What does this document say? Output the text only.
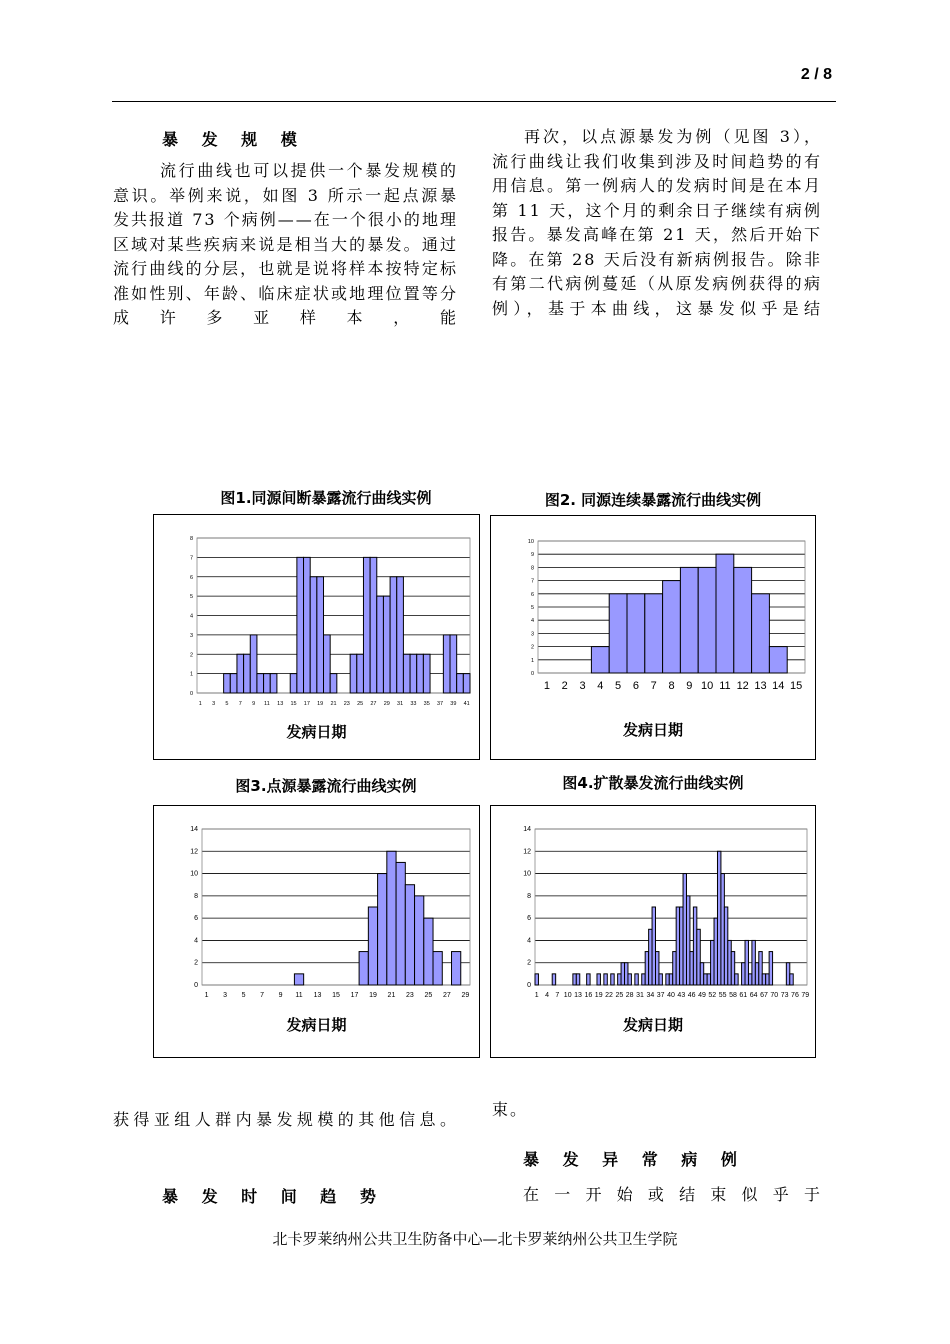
2 / 8
暴 发 规 模

流行曲线也可以提供一个暴发规模的意识。举例来说，如图 3 所示一起点源暴发共报道 73 个病例——在一个很小的地理区域对某些疾病来说是相当大的暴发。通过流行曲线的分层，也就是说将样本按特定标准如性别、年龄、临床症状或地理位置等分成许多亚样本，能

再次，以点源暴发为例（见图 3），流行曲线让我们收集到涉及时间趋势的有用信息。第一例病人的发病时间是在本月第 11 天，这个月的剩余日子继续有病例报告。暴发高峰在第 21 天，然后开始下降。在第 28 天后没有新病例报告。除非有第二代病例蔓延（从原发病例获得的病例），基于本曲线，这暴发似乎是结

图1.同源间断暴露流行曲线实例	图2. 同源连续暴露流行曲线实例
图3.点源暴露流行曲线实例	图4.扩散暴发流行曲线实例
0
1
2
3
4
5
6
7
8
1 3 5 7 9 11 13 15 17 19 21 23 25 27 29 31 33 35 37 39 41
发病日期
0
1
2
3
4
5
6
7
8
9
10
1 2 3 4 5 6 7 8 9 10 11 12 13 14 15
发病日期
0
2
4
6
8
10
12
14
1 3 5 7 9 11 13 15 17 19 21 23 25 27 29
发病日期
0
2
4
6
8
10
12
14
1 4 7 10 13 16 19 22 25 28 31 34 37 40 43 46 49 52 55 58 61 64 67 70 73 76 79
发病日期

获得亚组人群内暴发规模的其他信息。

暴 发 时 间 趋 势
束。
暴 发 异 常 病 例

在一开始或结束似乎于

北卡罗莱纳州公共卫生防备中心—北卡罗莱纳州公共卫生学院
